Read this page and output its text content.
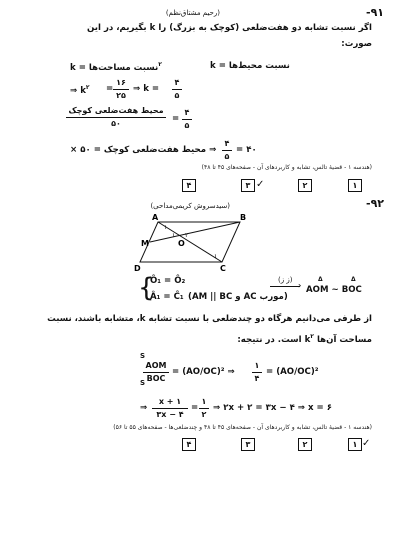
-۹۱
(رحیم مشتاق‌نظم)
اگر نسبت تشابه دو هفت‌ضلعی (کوچک به بزرگ) را k بگیریم، در این
صورت:
نسبت محیط‌ها = k
نسبت مساحت‌ها = $k^۲$
⇒ $k^۲$ =
۱۶
۲۵
⇒ k =
۴
۵
محیط هفت‌ضلعی کوچک
۵۰	=
۴
۵
⇒ محیط هفت‌ضلعی کوچک = ۵۰ ×
۴
۵
= ۴۰
(هندسه ۱ - قضیهٔ تالس، تشابه و کاربردهای آن - صفحه‌های ۴۵ تا ۴۸)
۱
۲
۳ ✓
۴
-۹۲
(سیدسروش کریمی‌مداحی)
A	B
C
D
M	O
۱ ۲
۱
۱
{
Ô₁ = Ô₂
Â₁ = Ĉ₁ (مورب AC و AM || BC)
(ز ز)
›
Δ	Δ
AOM ~ BOC
از طرفی می‌دانیم هرگاه دو چندضلعی با نسبت تشابه k، متشابه باشند، نسبت
مساحت آن‌ها $k^۲$ است. در نتیجه:
S
S
AOM
BOC
= (AO/OC)² ⇒
۱
۴
= (AO/OC)²
⇒
x + ۱
۳x − ۴
=
۱
۲
⇒ ۲x + ۲ = ۳x − ۴ ⇒ x = ۶
(هندسه ۱ - قضیهٔ تالس، تشابه و کاربردهای آن - صفحه‌های ۴۵ تا ۴۸ و چندضلعی‌ها - صفحه‌های ۵۵ تا ۵۶)
۱ ✓
۲
۳
۴
